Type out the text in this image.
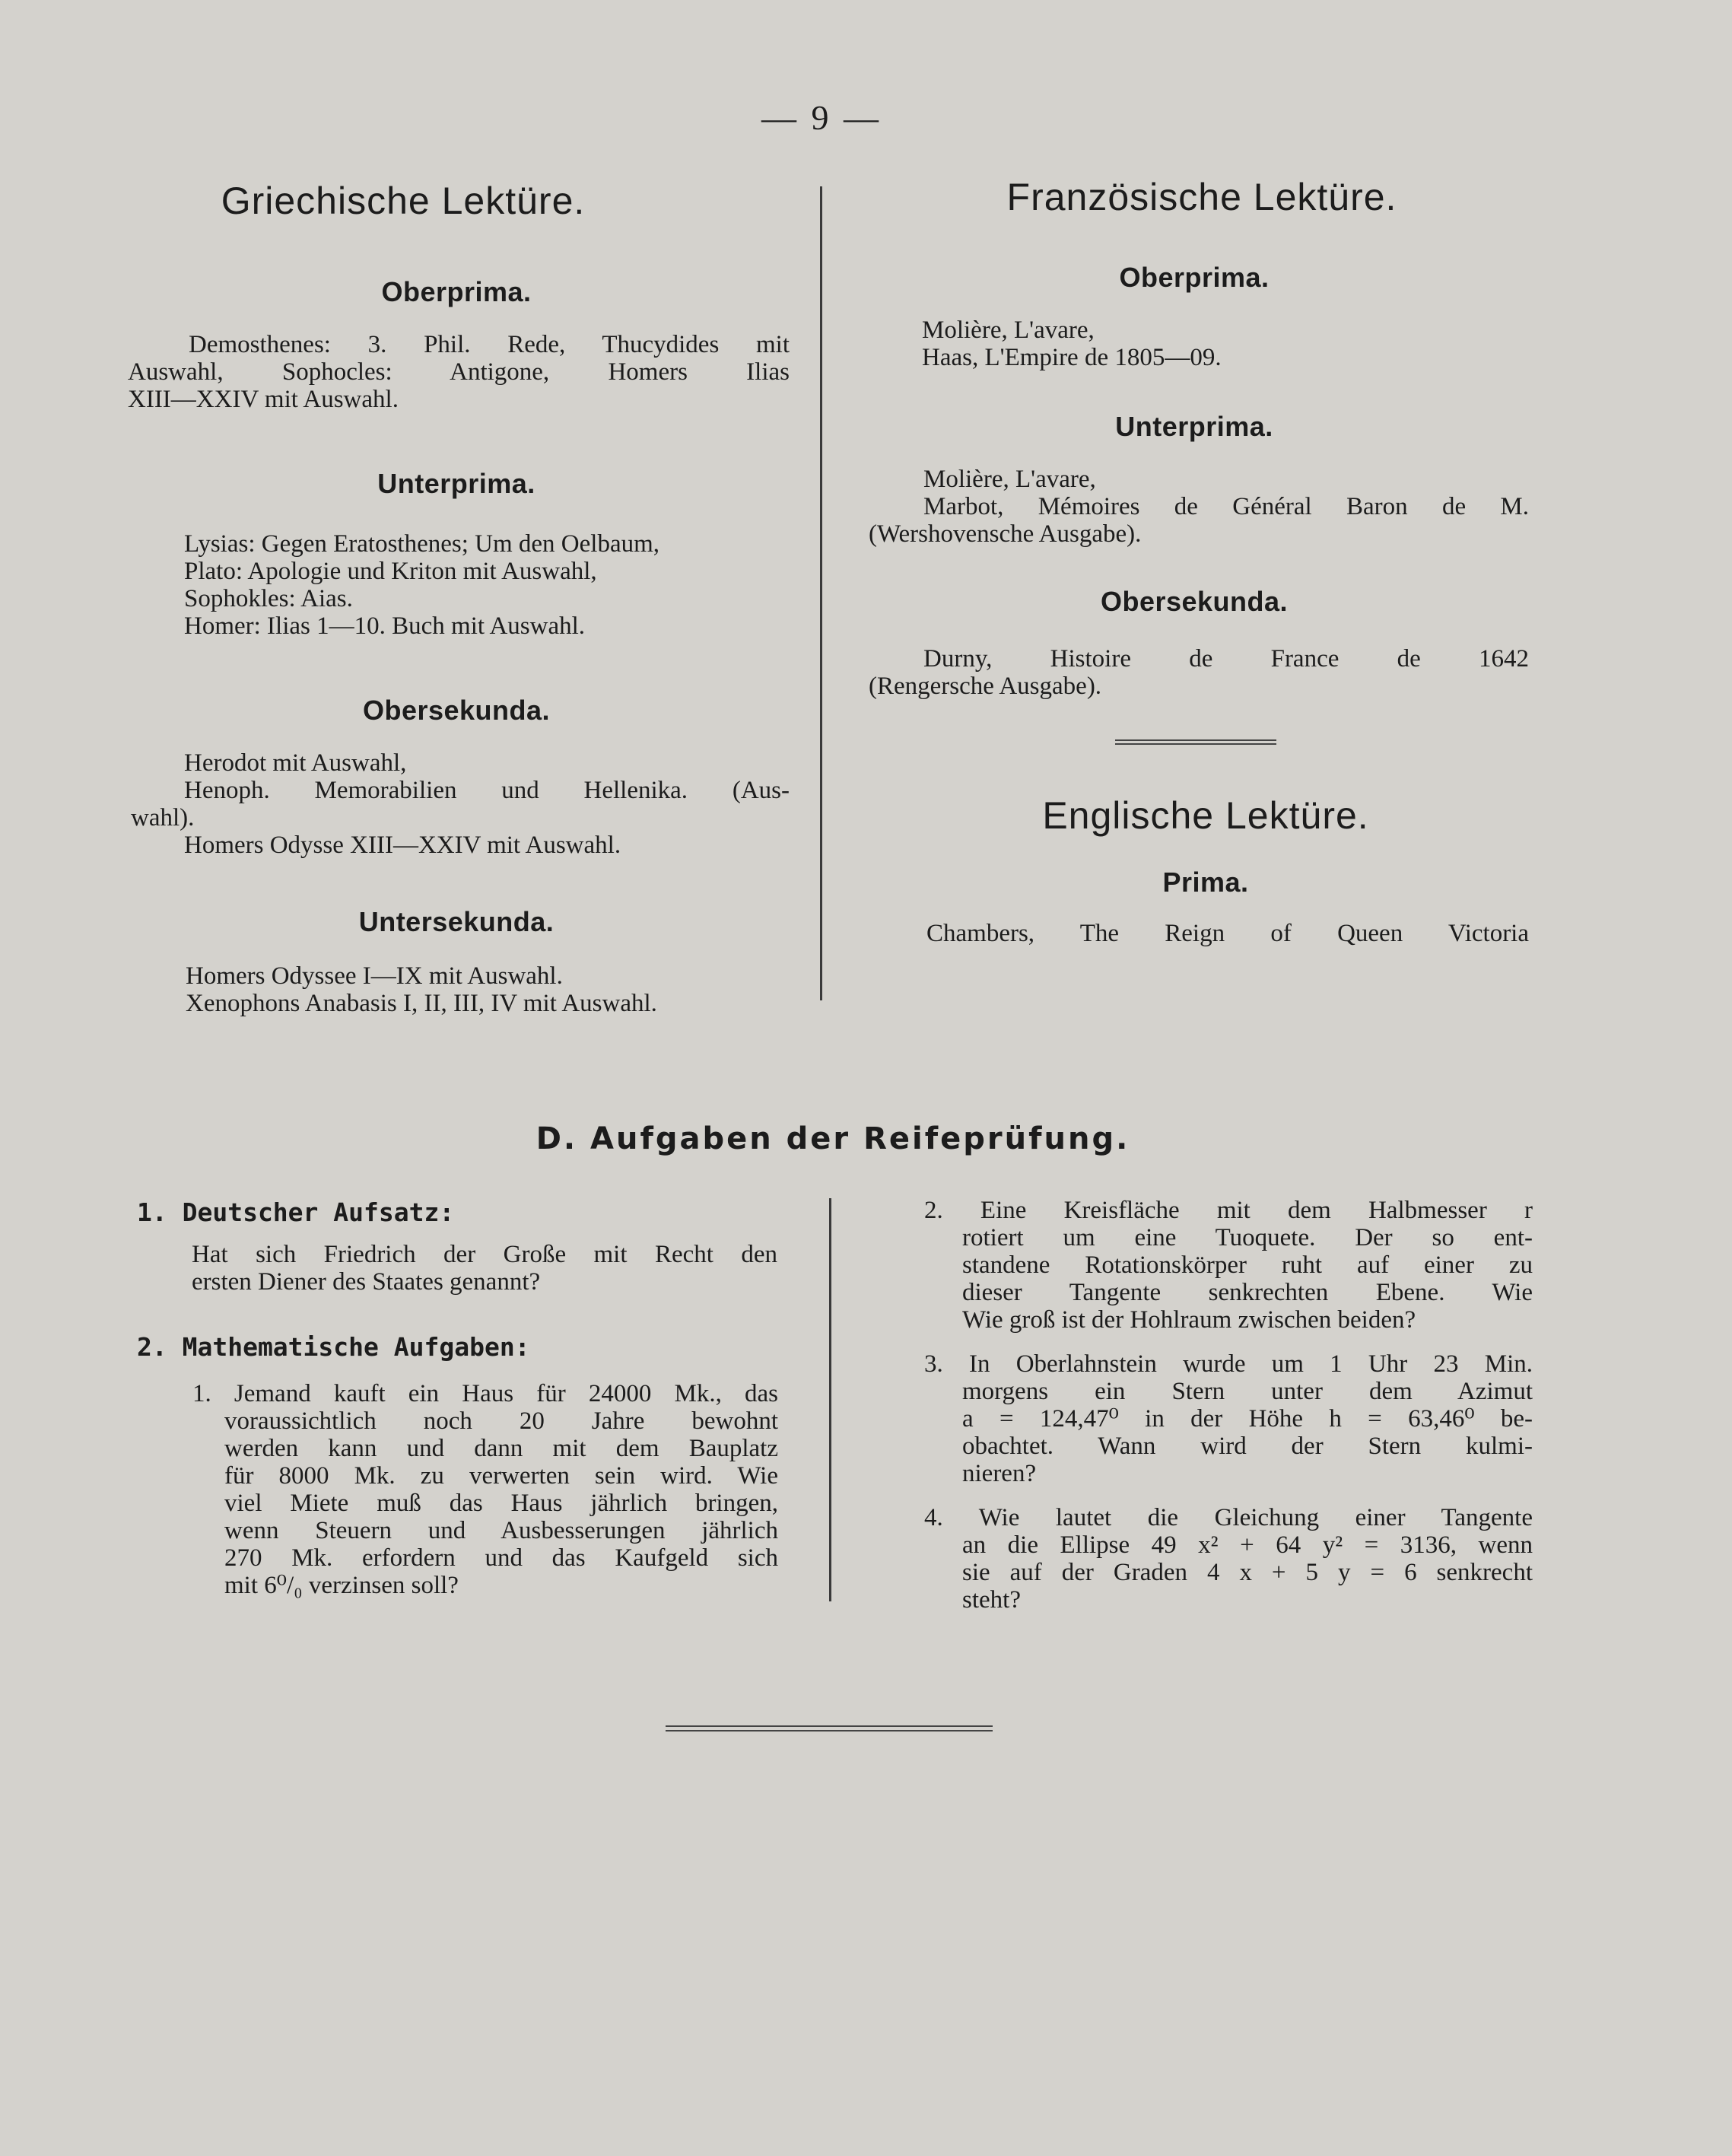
— 9 —
Griechische Lektüre.
Oberprima.

Demosthenes: 3. Phil. Rede, Thucydides mit

Auswahl, Sophocles: Antigone, Homers Ilias

XIII—XXIV mit Auswahl.

Unterprima.

Lysias: Gegen Eratosthenes; Um den Oelbaum,

Plato: Apologie und Kriton mit Auswahl,

Sophokles: Aias.

Homer: Ilias 1—10. Buch mit Auswahl.

Obersekunda.

Herodot mit Auswahl,

Henoph. Memorabilien und Hellenika. (Aus-

wahl).

Homers Odysse XIII—XXIV mit Auswahl.

Untersekunda.

Homers Odyssee I—IX mit Auswahl.

Xenophons Anabasis I, II, III, IV mit Auswahl.

Französische Lektüre.
Oberprima.

Molière, L'avare,

Haas, L'Empire de 1805—09.

Unterprima.

Molière, L'avare,

Marbot, Mémoires de Général Baron de M.

(Wershovensche Ausgabe).

Obersekunda.

Durny, Histoire de France de 1642

(Rengersche Ausgabe).

Englische Lektüre.
Prima.

Chambers, The Reign of Queen Victoria

D. Aufgaben der Reifeprüfung.

1. Deutscher Aufsatz:

Hat sich Friedrich der Große mit Recht den

ersten Diener des Staates genannt?

2. Mathematische Aufgaben:

1. Jemand kauft ein Haus für 24000 Mk., das

voraussichtlich noch 20 Jahre bewohnt

werden kann und dann mit dem Bauplatz

für 8000 Mk. zu verwerten sein wird. Wie

viel Miete muß das Haus jährlich bringen,

wenn Steuern und Ausbesserungen jährlich

270 Mk. erfordern und das Kaufgeld sich

mit 6⁰/₀ verzinsen soll?

2. Eine Kreisfläche mit dem Halbmesser r

rotiert um eine Tuoquete. Der so ent-

standene Rotationskörper ruht auf einer zu

dieser Tangente senkrechten Ebene. Wie

Wie groß ist der Hohlraum zwischen beiden?

3. In Oberlahnstein wurde um 1 Uhr 23 Min.

morgens ein Stern unter dem Azimut

a = 124,47⁰ in der Höhe h = 63,46⁰ be-

obachtet. Wann wird der Stern kulmi-

nieren?

4. Wie lautet die Gleichung einer Tangente

an die Ellipse 49 x² + 64 y² = 3136, wenn

sie auf der Graden 4 x + 5 y = 6 senkrecht

steht?
